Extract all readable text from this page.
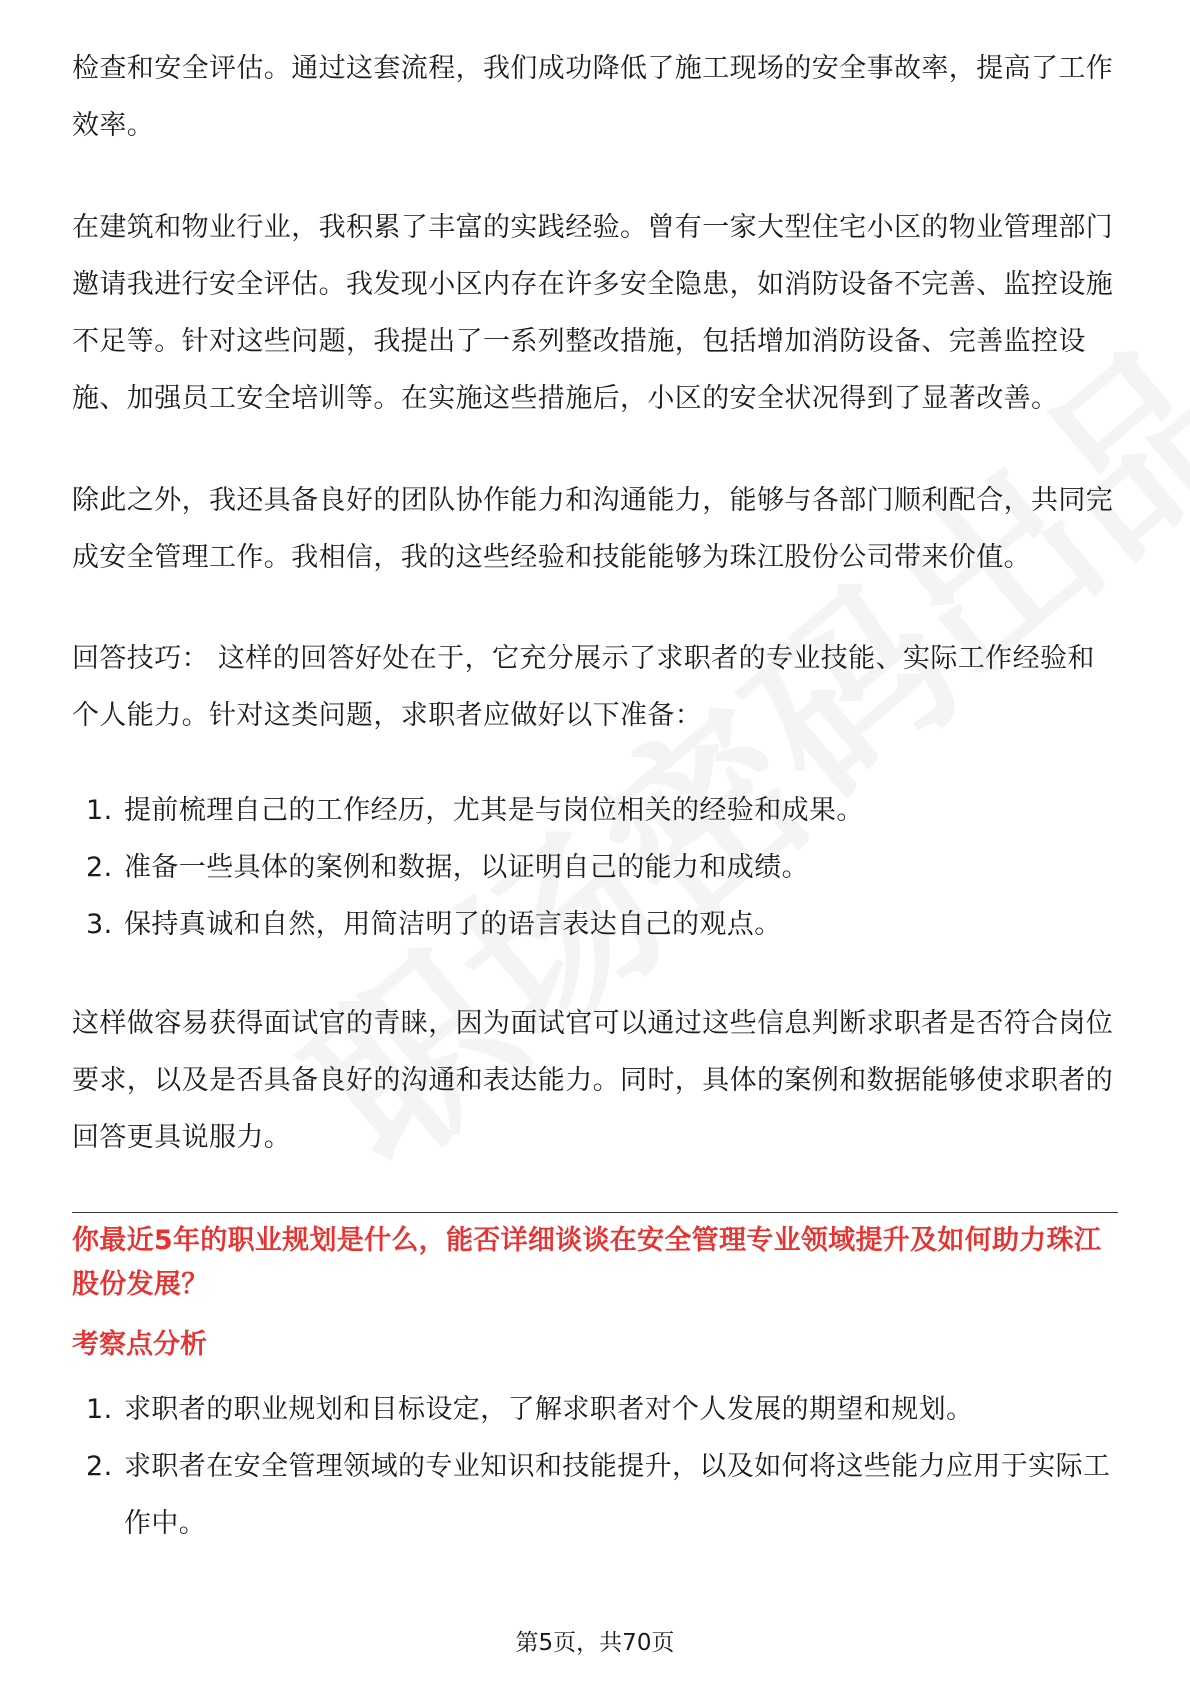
检查和安全评估。通过这套流程，我们成功降低了施工现场的安全事故率，提高了工作效率。

在建筑和物业行业，我积累了丰富的实践经验。曾有一家大型住宅小区的物业管理部门邀请我进行安全评估。我发现小区内存在许多安全隐患，如消防设备不完善、监控设施不足等。针对这些问题，我提出了一系列整改措施，包括增加消防设备、完善监控设施、加强员工安全培训等。在实施这些措施后，小区的安全状况得到了显著改善。

除此之外，我还具备良好的团队协作能力和沟通能力，能够与各部门顺利配合，共同完成安全管理工作。我相信，我的这些经验和技能能够为珠江股份公司带来价值。

回答技巧： 这样的回答好处在于，它充分展示了求职者的专业技能、实际工作经验和个人能力。针对这类问题，求职者应做好以下准备：

1. 提前梳理自己的工作经历，尤其是与岗位相关的经验和成果。
2. 准备一些具体的案例和数据，以证明自己的能力和成绩。
3. 保持真诚和自然，用简洁明了的语言表达自己的观点。

这样做容易获得面试官的青睐，因为面试官可以通过这些信息判断求职者是否符合岗位要求，以及是否具备良好的沟通和表达能力。同时，具体的案例和数据能够使求职者的回答更具说服力。

你最近5年的职业规划是什么，能否详细谈谈在安全管理专业领域提升及如何助力珠江股份发展？
考察点分析
1. 求职者的职业规划和目标设定，了解求职者对个人发展的期望和规划。
2. 求职者在安全管理领域的专业知识和技能提升，以及如何将这些能力应用于实际工作中。
第5页，共70页
